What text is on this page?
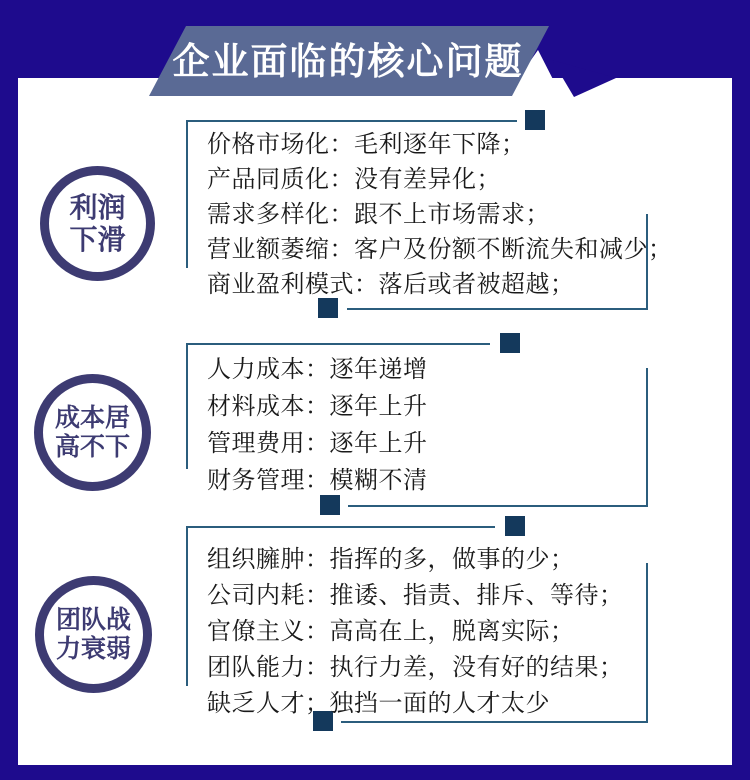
企业面临的核心问题
利润
下滑
价格市场化：毛利逐年下降；
产品同质化：没有差异化；
需求多样化：跟不上市场需求；
营业额萎缩：客户及份额不断流失和减少；
商业盈利模式：落后或者被超越；
成本居
高不下
人力成本：逐年递增
材料成本：逐年上升
管理费用：逐年上升
财务管理：模糊不清
团队战
力衰弱
组织臃肿：指挥的多，做事的少；
公司内耗：推诿、指责、排斥、等待；
官僚主义：高高在上，脱离实际；
团队能力：执行力差，没有好的结果；
缺乏人才；独挡一面的人才太少
